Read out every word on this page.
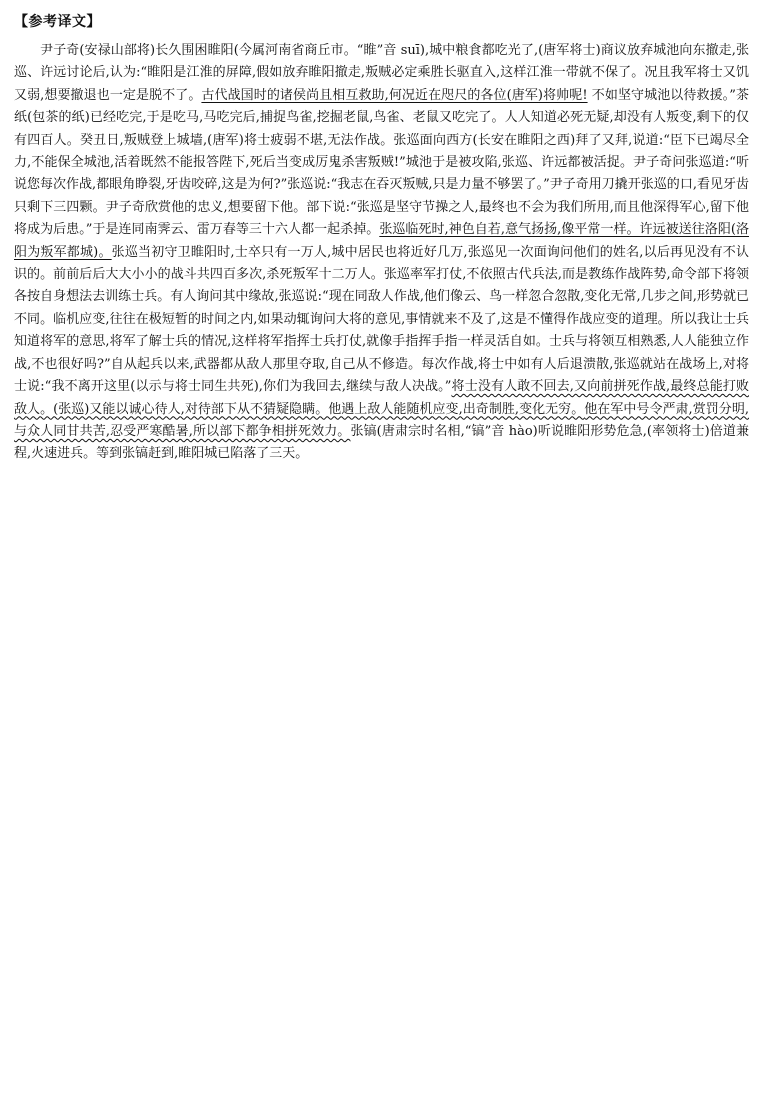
【参考译文】

  尹子奇(安禄山部将)长久围困睢阳(今属河南省商丘市。“睢”音 suī),城中粮食都吃光了,(唐军将士)商议放弃城池向东撤走,张巡、许远讨论后,认为:“睢阳是江淮的屏障,假如放弃睢阳撤走,叛贼必定乘胜长驱直入,这样江淮一带就不保了。况且我军将士又饥又弱,想要撤退也一定是脱不了。古代战国时的诸侯尚且相互救助,何况近在咫尺的各位(唐军)将帅呢! 不如坚守城池以待救援。”茶纸(包茶的纸)已经吃完,于是吃马,马吃完后,捕捉鸟雀,挖掘老鼠,鸟雀、老鼠又吃完了。人人知道必死无疑,却没有人叛变,剩下的仅有四百人。癸丑日,叛贼登上城墙,(唐军)将士疲弱不堪,无法作战。张巡面向西方(长安在睢阳之西)拜了又拜,说道:“臣下已竭尽全力,不能保全城池,活着既然不能报答陛下,死后当变成厉鬼杀害叛贼!”城池于是被攻陷,张巡、许远都被活捉。尹子奇问张巡道:“听说您每次作战,都眼角睁裂,牙齿咬碎,这是为何?”张巡说:“我志在吞灭叛贼,只是力量不够罢了。”尹子奇用刀撬开张巡的口,看见牙齿只剩下三四颗。尹子奇欣赏他的忠义,想要留下他。部下说:“张巡是坚守节操之人,最终也不会为我们所用,而且他深得军心,留下他将成为后患。”于是连同南霁云、雷万春等三十六人都一起杀掉。张巡临死时,神色自若,意气扬扬,像平常一样。许远被送往洛阳(洛阳为叛军都城)。张巡当初守卫睢阳时,士卒只有一万人,城中居民也将近好几万,张巡见一次面询问他们的姓名,以后再见没有不认识的。前前后后大大小小的战斗共四百多次,杀死叛军十二万人。张巡率军打仗,不依照古代兵法,而是教练作战阵势,命令部下将领各按自身想法去训练士兵。有人询问其中缘故,张巡说:“现在同敌人作战,他们像云、鸟一样忽合忽散,变化无常,几步之间,形势就已不同。临机应变,往往在极短暂的时间之内,如果动辄询问大将的意见,事情就来不及了,这是不懂得作战应变的道理。所以我让士兵知道将军的意思,将军了解士兵的情况,这样将军指挥士兵打仗,就像手指挥手指一样灵活自如。士兵与将领互相熟悉,人人能独立作战,不也很好吗?”自从起兵以来,武器都从敌人那里夺取,自己从不修造。每次作战,将士中如有人后退溃散,张巡就站在战场上,对将士说:“我不离开这里(以示与将士同生共死),你们为我回去,继续与敌人决战。”将士没有人敢不回去,又向前拼死作战,最终总能打败敌人。(张巡)又能以诚心待人,对待部下从不猜疑隐瞒。他遇上敌人能随机应变,出奇制胜,变化无穷。他在军中号令严肃,赏罚分明,与众人同甘共苦,忍受严寒酷暑,所以部下都争相拼死效力。张镐(唐肃宗时名相,“镐”音 hào)听说睢阳形势危急,(率领将士)倍道兼程,火速进兵。等到张镐赶到,睢阳城已陷落了三天。
